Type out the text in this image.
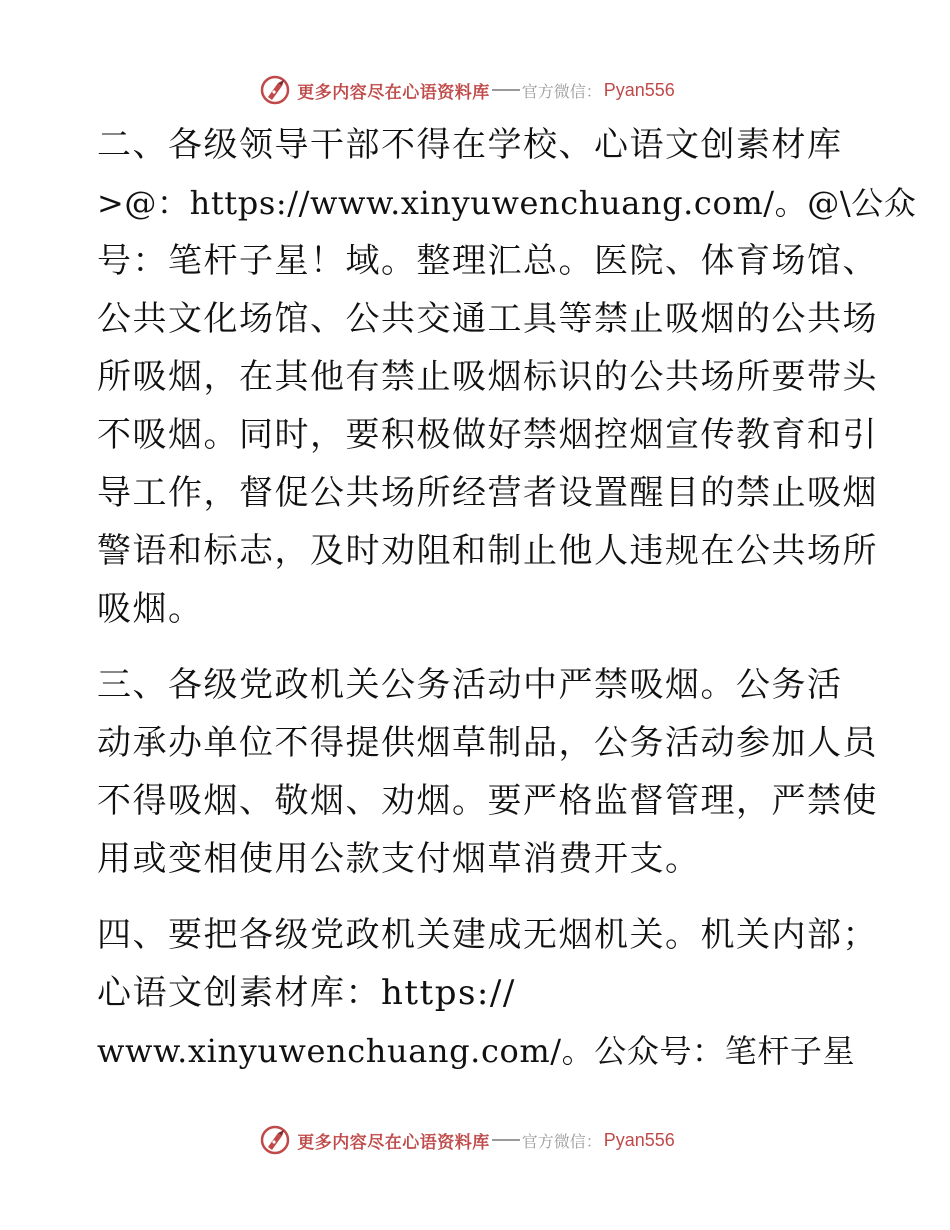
更多内容尽在心语资料库 官方微信： Pyan556

二、各级领导干部不得在学校、心语文创素材库
>@：https://www.xinyuwenchuang.com/。@\公众
号：笔杆子星！域。整理汇总。医院、体育场馆、
公共文化场馆、公共交通工具等禁止吸烟的公共场
所吸烟，在其他有禁止吸烟标识的公共场所要带头
不吸烟。同时，要积极做好禁烟控烟宣传教育和引
导工作，督促公共场所经营者设置醒目的禁止吸烟
警语和标志，及时劝阻和制止他人违规在公共场所
吸烟。

三、各级党政机关公务活动中严禁吸烟。公务活
动承办单位不得提供烟草制品，公务活动参加人员
不得吸烟、敬烟、劝烟。要严格监督管理，严禁使
用或变相使用公款支付烟草消费开支。

四、要把各级党政机关建成无烟机关。机关内部；
心语文创素材库：https://
www.xinyuwenchuang.com/。公众号：笔杆子星

更多内容尽在心语资料库 官方微信： Pyan556
